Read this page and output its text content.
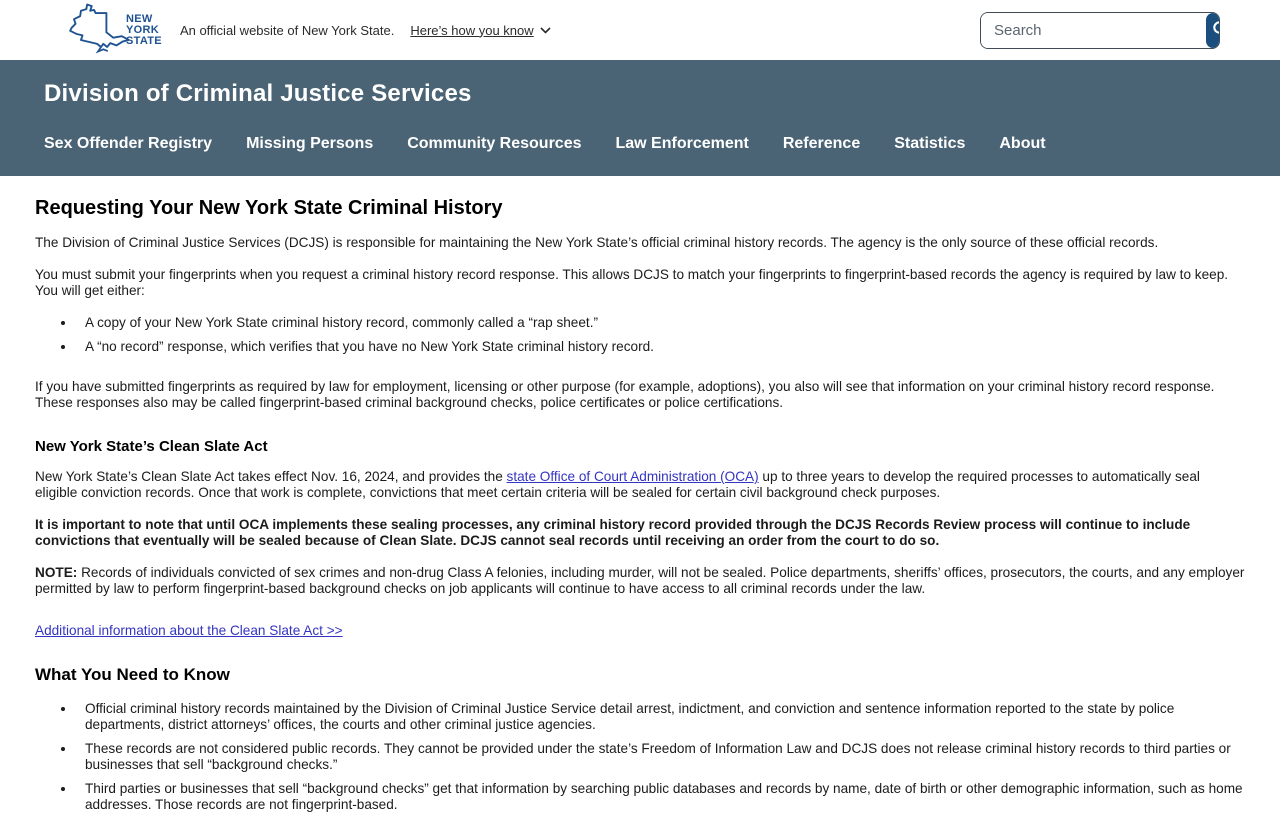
NEW
YORK
STATE
An official website of New York State. Here’s how you know
Search
Division of Criminal Justice Services
Sex Offender Registry Missing Persons Community Resources Law Enforcement Reference Statistics About
Requesting Your New York State Criminal History

The Division of Criminal Justice Services (DCJS) is responsible for maintaining the New York State’s official criminal history records. The agency is the only source of these official records.

You must submit your fingerprints when you request a criminal history record response. This allows DCJS to match your fingerprints to fingerprint-based records the agency is required by law to keep.
You will get either:

• A copy of your New York State criminal history record, commonly called a “rap sheet.”
• A “no record” response, which verifies that you have no New York State criminal history record.

If you have submitted fingerprints as required by law for employment, licensing or other purpose (for example, adoptions), you also will see that information on your criminal history record response. These responses also may be called fingerprint-based criminal background checks, police certificates or police certifications.

New York State’s Clean Slate Act

New York State’s Clean Slate Act takes effect Nov. 16, 2024, and provides the state Office of Court Administration (OCA) up to three years to develop the required processes to automatically seal eligible conviction records. Once that work is complete, convictions that meet certain criteria will be sealed for certain civil background check purposes.

It is important to note that until OCA implements these sealing processes, any criminal history record provided through the DCJS Records Review process will continue to include convictions that eventually will be sealed because of Clean Slate. DCJS cannot seal records until receiving an order from the court to do so.

NOTE: Records of individuals convicted of sex crimes and non-drug Class A felonies, including murder, will not be sealed. Police departments, sheriffs’ offices, prosecutors, the courts, and any employer permitted by law to perform fingerprint-based background checks on job applicants will continue to have access to all criminal records under the law.

Additional information about the Clean Slate Act >>

What You Need to Know
• Official criminal history records maintained by the Division of Criminal Justice Service detail arrest, indictment, and conviction and sentence information reported to the state by police departments, district attorneys’ offices, the courts and other criminal justice agencies.
• These records are not considered public records. They cannot be provided under the state’s Freedom of Information Law and DCJS does not release criminal history records to third parties or businesses that sell “background checks.”
• Third parties or businesses that sell “background checks” get that information by searching public databases and records by name, date of birth or other demographic information, such as home addresses. Those records are not fingerprint-based.
